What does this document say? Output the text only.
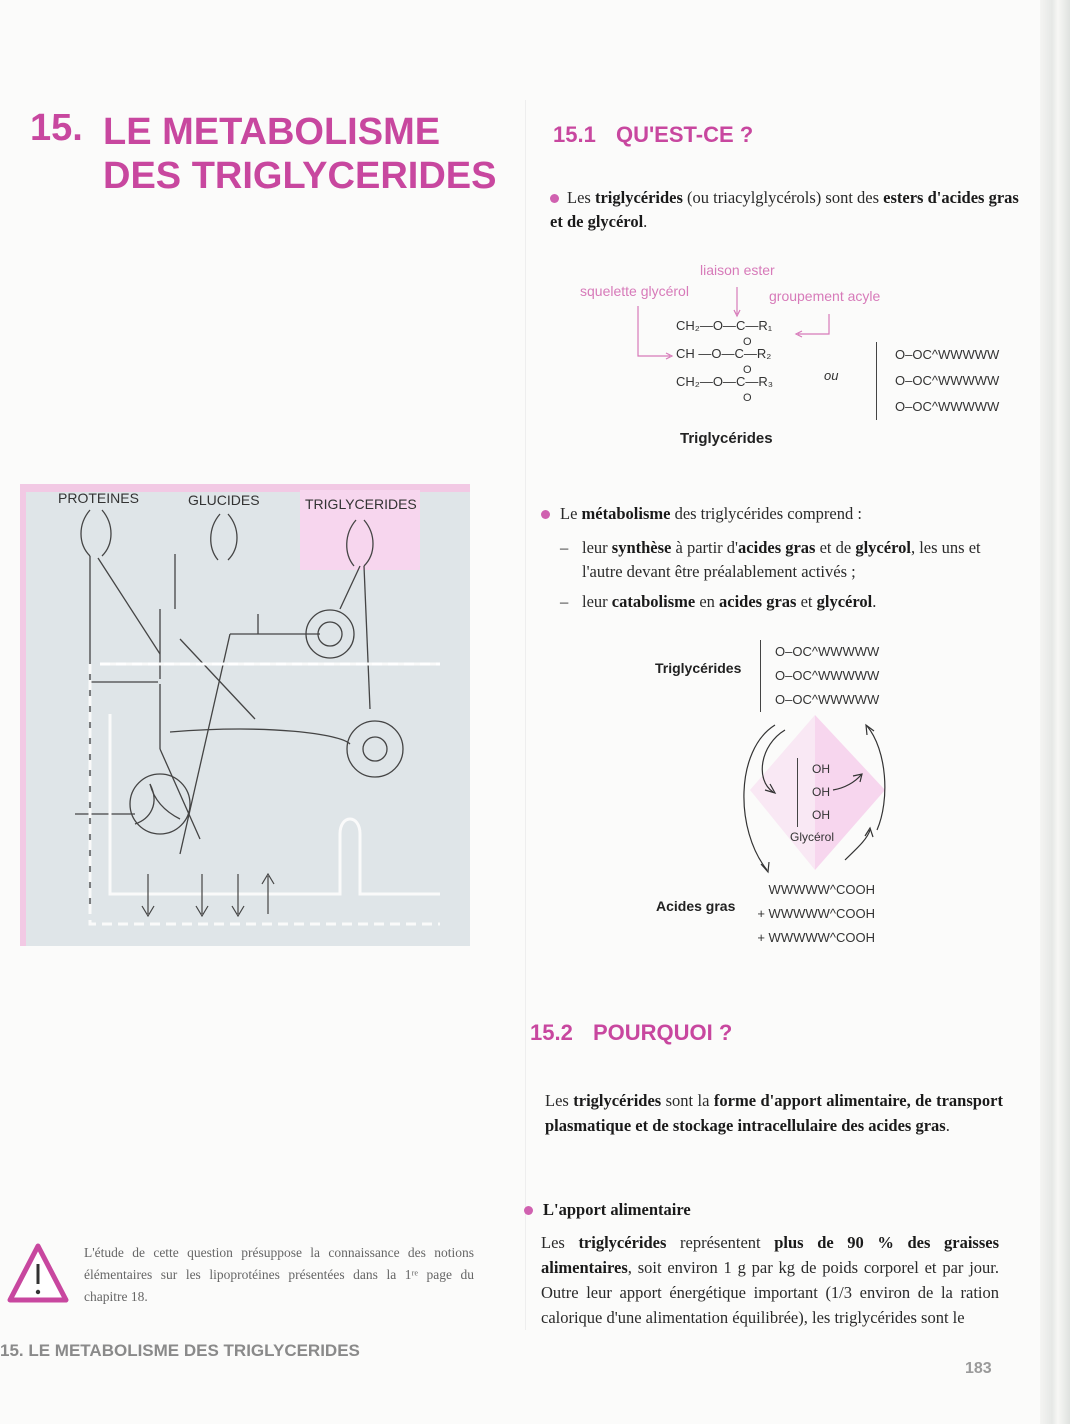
15. LE METABOLISME
DES TRIGLYCERIDES
PROTEINES	GLUCIDES	TRIGLYCERIDES
L'étude de cette question présuppose la connaissance des notions élémentaires sur les lipoprotéines présentées dans la 1ʳᵉ page du chapitre 18.
15. LE METABOLISME DES TRIGLYCERIDES
183
15.1 QU'EST-CE ?
Les triglycérides (ou triacylglycérols) sont des esters d'acides gras et de glycérol.
liaison ester
squelette glycérol	groupement acyle
CH₂—O—C—R₁
CH —O—C—R₂
CH₂—O—C—R₃
O
O
O
ou
O–OC^WWWWW
O–OC^WWWWW
O–OC^WWWWW
Triglycérides
Le métabolisme des triglycérides comprend :
– leur synthèse à partir d'acides gras et de glycérol, les uns et l'autre devant être préalablement activés ;
– leur catabolisme en acides gras et glycérol.
Triglycérides
O–OC^WWWWW
O–OC^WWWWW
O–OC^WWWWW
OH
OH
OH
Glycérol
Acides gras
WWWWW^COOH
+ WWWWW^COOH
+ WWWWW^COOH
15.2 POURQUOI ?
Les triglycérides sont la forme d'apport alimentaire, de transport plasmatique et de stockage intracellulaire des acides gras.
L'apport alimentaire
Les triglycérides représentent plus de 90 % des graisses alimentaires, soit environ 1 g par kg de poids corporel et par jour. Outre leur apport énergétique important (1/3 environ de la ration calorique d'une alimentation équilibrée), les triglycérides sont le
